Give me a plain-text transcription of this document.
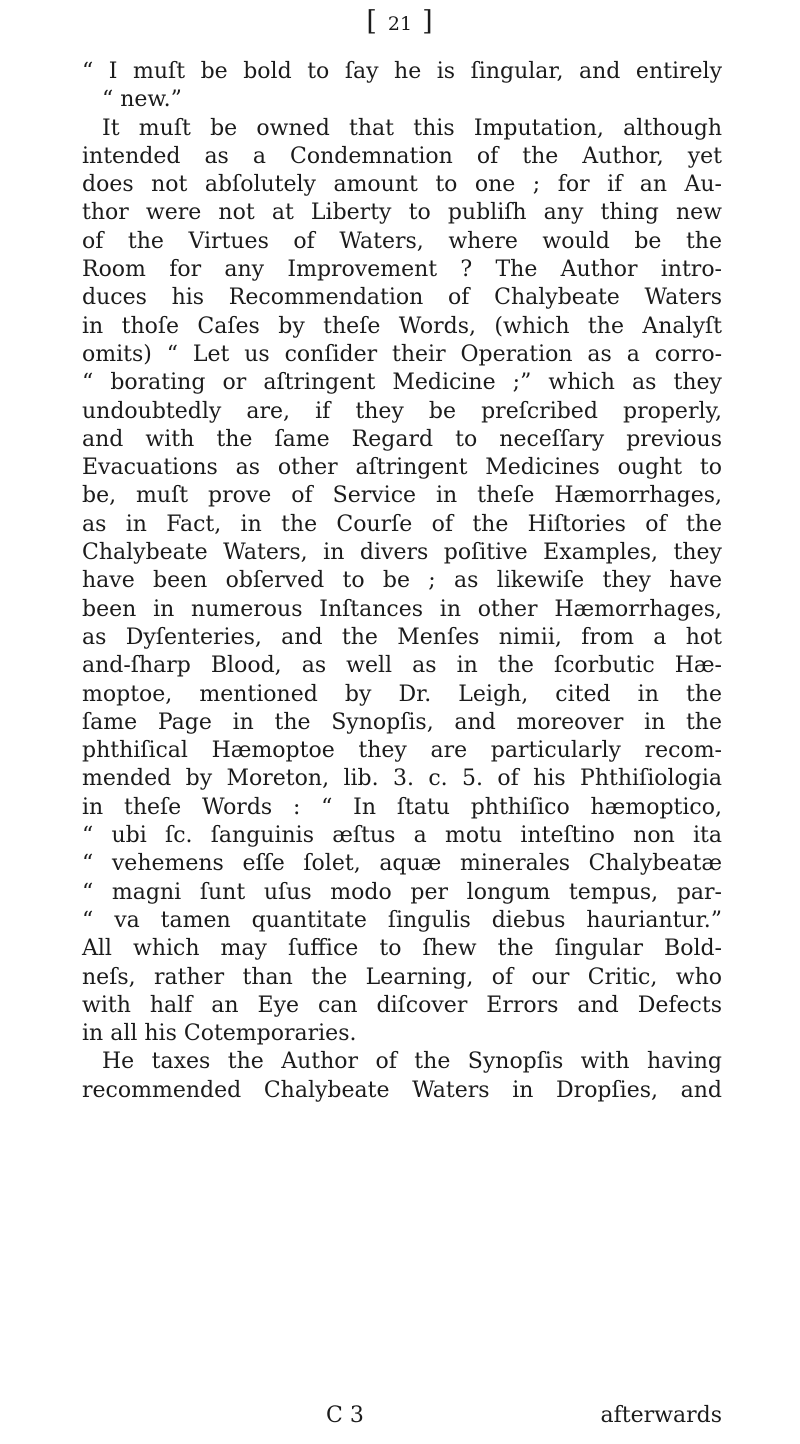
[ 21 ]
“ I muſt be bold to ſay he is ſingular, and entirely
“ new.”
It muſt be owned that this Imputation, although
intended as a Condemnation of the Author, yet
does not abſolutely amount to one ; for if an Au-
thor were not at Liberty to publiſh any thing new
of the Virtues of Waters, where would be the
Room for any Improvement ? The Author intro-
duces his Recommendation of Chalybeate Waters
in thoſe Caſes by theſe Words, (which the Analyſt
omits) “ Let us conſider their Operation as a corro-
“ borating or aſtringent Medicine ;” which as they
undoubtedly are, if they be preſcribed properly,
and with the ſame Regard to neceſſary previous
Evacuations as other aſtringent Medicines ought to
be, muſt prove of Service in theſe Hæmorrhages,
as in Fact, in the Courſe of the Hiſtories of the
Chalybeate Waters, in divers poſitive Examples, they
have been obſerved to be ; as likewiſe they have
been in numerous Inſtances in other Hæmorrhages,
as Dyſenteries, and the Menſes nimii, from a hot
and-ſharp Blood, as well as in the ſcorbutic Hæ-
moptoe, mentioned by Dr. Leigh, cited in the
ſame Page in the Synopſis, and moreover in the
phthiſical Hæmoptoe they are particularly recom-
mended by Moreton, lib. 3. c. 5. of his Phthiſiologia
in theſe Words : “ In ſtatu phthiſico hæmoptico,
“ ubi ſc. ſanguinis æſtus a motu inteſtino non ita
“ vehemens eſſe ſolet, aquæ minerales Chalybeatæ
“ magni ſunt uſus modo per longum tempus, par-
“ va tamen quantitate ſingulis diebus hauriantur.”
All which may ſuffice to ſhew the ſingular Bold-
neſs, rather than the Learning, of our Critic, who
with half an Eye can diſcover Errors and Defects
in all his Cotemporaries.
He taxes the Author of the Synopſis with having
recommended Chalybeate Waters in Dropſies, and
C 3	afterwards
